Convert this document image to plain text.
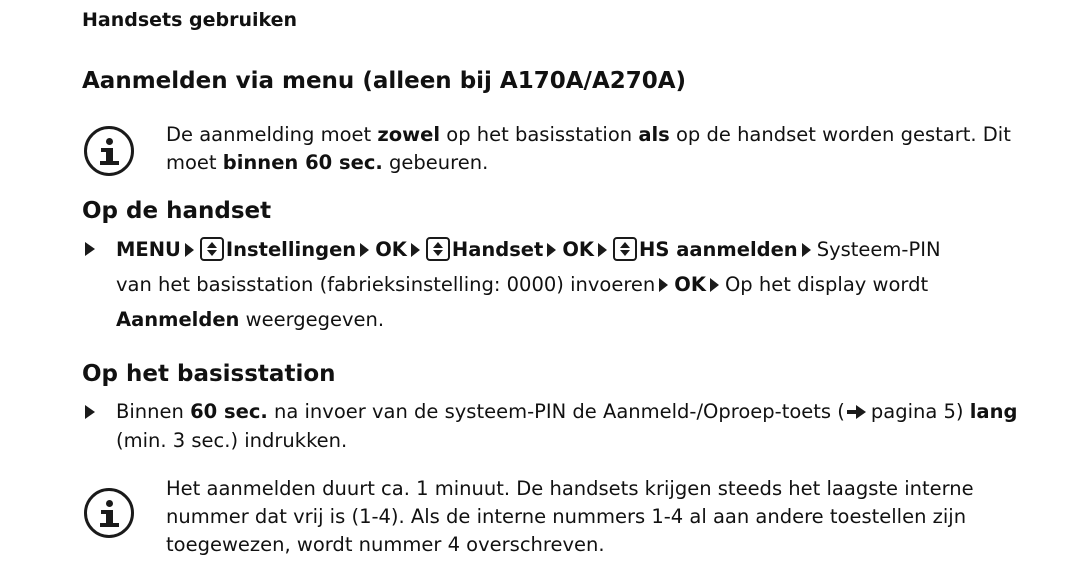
Handsets gebruiken
Aanmelden via menu (alleen bij A170A/A270A)
De aanmelding moet zowel op het basisstation als op de handset worden gestart. Dit
moet binnen 60 sec. gebeuren.
Op de handset
MENU Instellingen OK Handset OK HS aanmelden Systeem-PIN
van het basisstation (fabrieksinstelling: 0000) invoeren OK Op het display wordt
Aanmelden weergegeven.
Op het basisstation
Binnen 60 sec. na invoer van de systeem-PIN de Aanmeld-/Oproep-toets ( pagina 5) lang
(min. 3 sec.) indrukken.
Het aanmelden duurt ca. 1 minuut. De handsets krijgen steeds het laagste interne
nummer dat vrij is (1-4). Als de interne nummers 1-4 al aan andere toestellen zijn
toegewezen, wordt nummer 4 overschreven.
